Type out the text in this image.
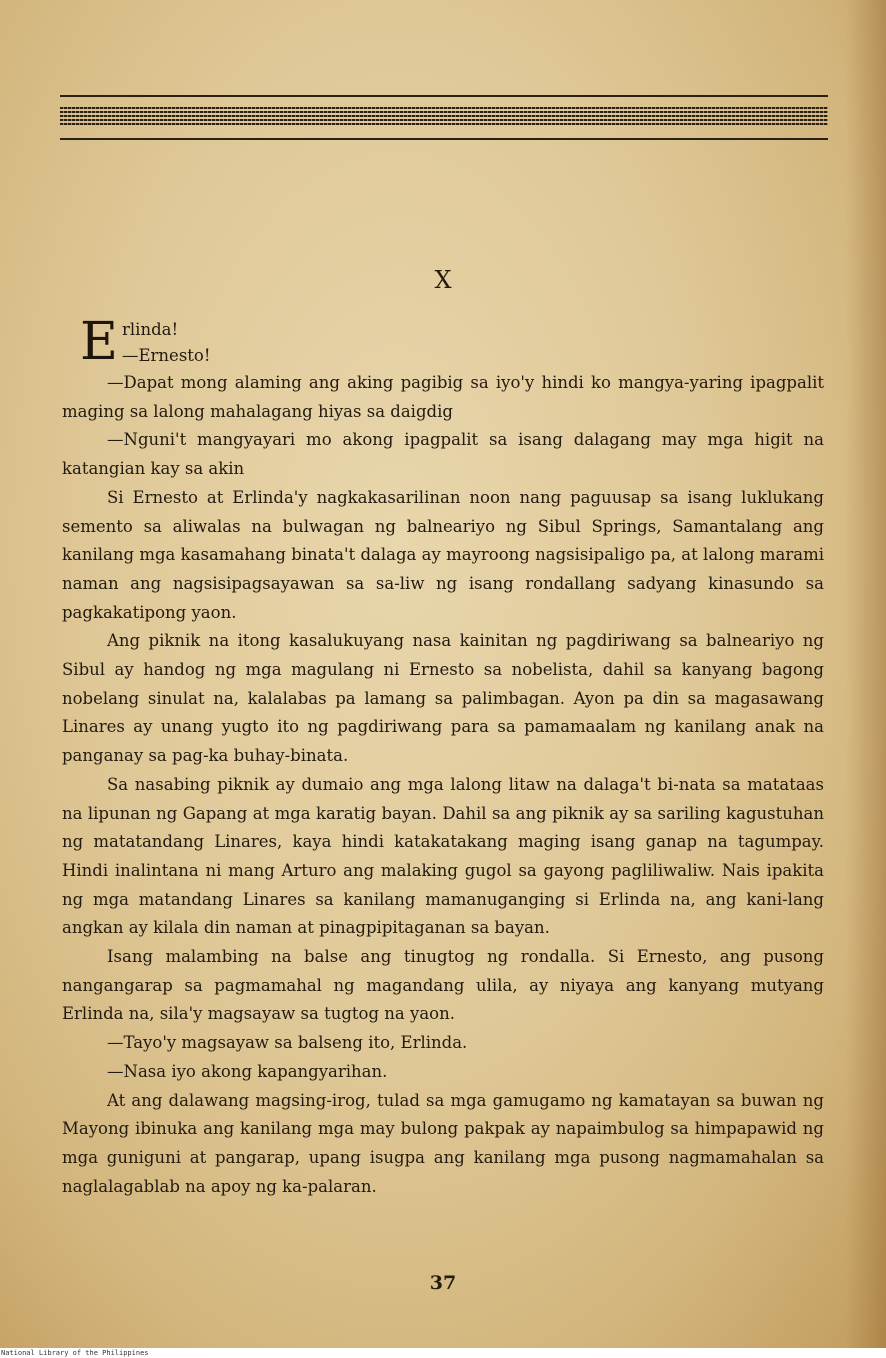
X
E rlinda!
—Ernesto!

—Dapat mong alaming ang aking pagibig sa iyo'y hindi ko mangya-yaring ipagpalit maging sa lalong mahalagang hiyas sa daigdig

—Nguni't mangyayari mo akong ipagpalit sa isang dalagang may mga higit na katangian kay sa akin

Si Ernesto at Erlinda'y nagkakasarilinan noon nang paguusap sa isang luklukang semento sa aliwalas na bulwagan ng balneariyo ng Sibul Springs, Samantalang ang kanilang mga kasamahang binata't dalaga ay mayroong nagsisipaligo pa, at lalong marami naman ang nagsisipagsayawan sa sa-liw ng isang rondallang sadyang kinasundo sa pagkakatipong yaon.

Ang piknik na itong kasalukuyang nasa kainitan ng pagdiriwang sa balneariyo ng Sibul ay handog ng mga magulang ni Ernesto sa nobelista, dahil sa kanyang bagong nobelang sinulat na, kalalabas pa lamang sa palimbagan. Ayon pa din sa magasawang Linares ay unang yugto ito ng pagdiriwang para sa pamamaalam ng kanilang anak na panganay sa pag-ka buhay-binata.

Sa nasabing piknik ay dumaio ang mga lalong litaw na dalaga't bi-nata sa matataas na lipunan ng Gapang at mga karatig bayan. Dahil sa ang piknik ay sa sariling kagustuhan ng matatandang Linares, kaya hindi katakatakang maging isang ganap na tagumpay. Hindi inalintana ni mang Arturo ang malaking gugol sa gayong pagliliwaliw. Nais ipakita ng mga matandang Linares sa kanilang mamanuganging si Erlinda na, ang kani-lang angkan ay kilala din naman at pinagpipitaganan sa bayan.

Isang malambing na balse ang tinugtog ng rondalla. Si Ernesto, ang pusong nangangarap sa pagmamahal ng magandang ulila, ay niyaya ang kanyang mutyang Erlinda na, sila'y magsayaw sa tugtog na yaon.

—Tayo'y magsayaw sa balseng ito, Erlinda.

—Nasa iyo akong kapangyarihan.

At ang dalawang magsing-irog, tulad sa mga gamugamo ng kamatayan sa buwan ng Mayong ibinuka ang kanilang mga may bulong pakpak ay napaimbulog sa himpapawid ng mga guniguni at pangarap, upang isugpa ang kanilang mga pusong nagmamahalan sa naglalagablab na apoy ng ka-palaran.

37
National Library of the Philippines
